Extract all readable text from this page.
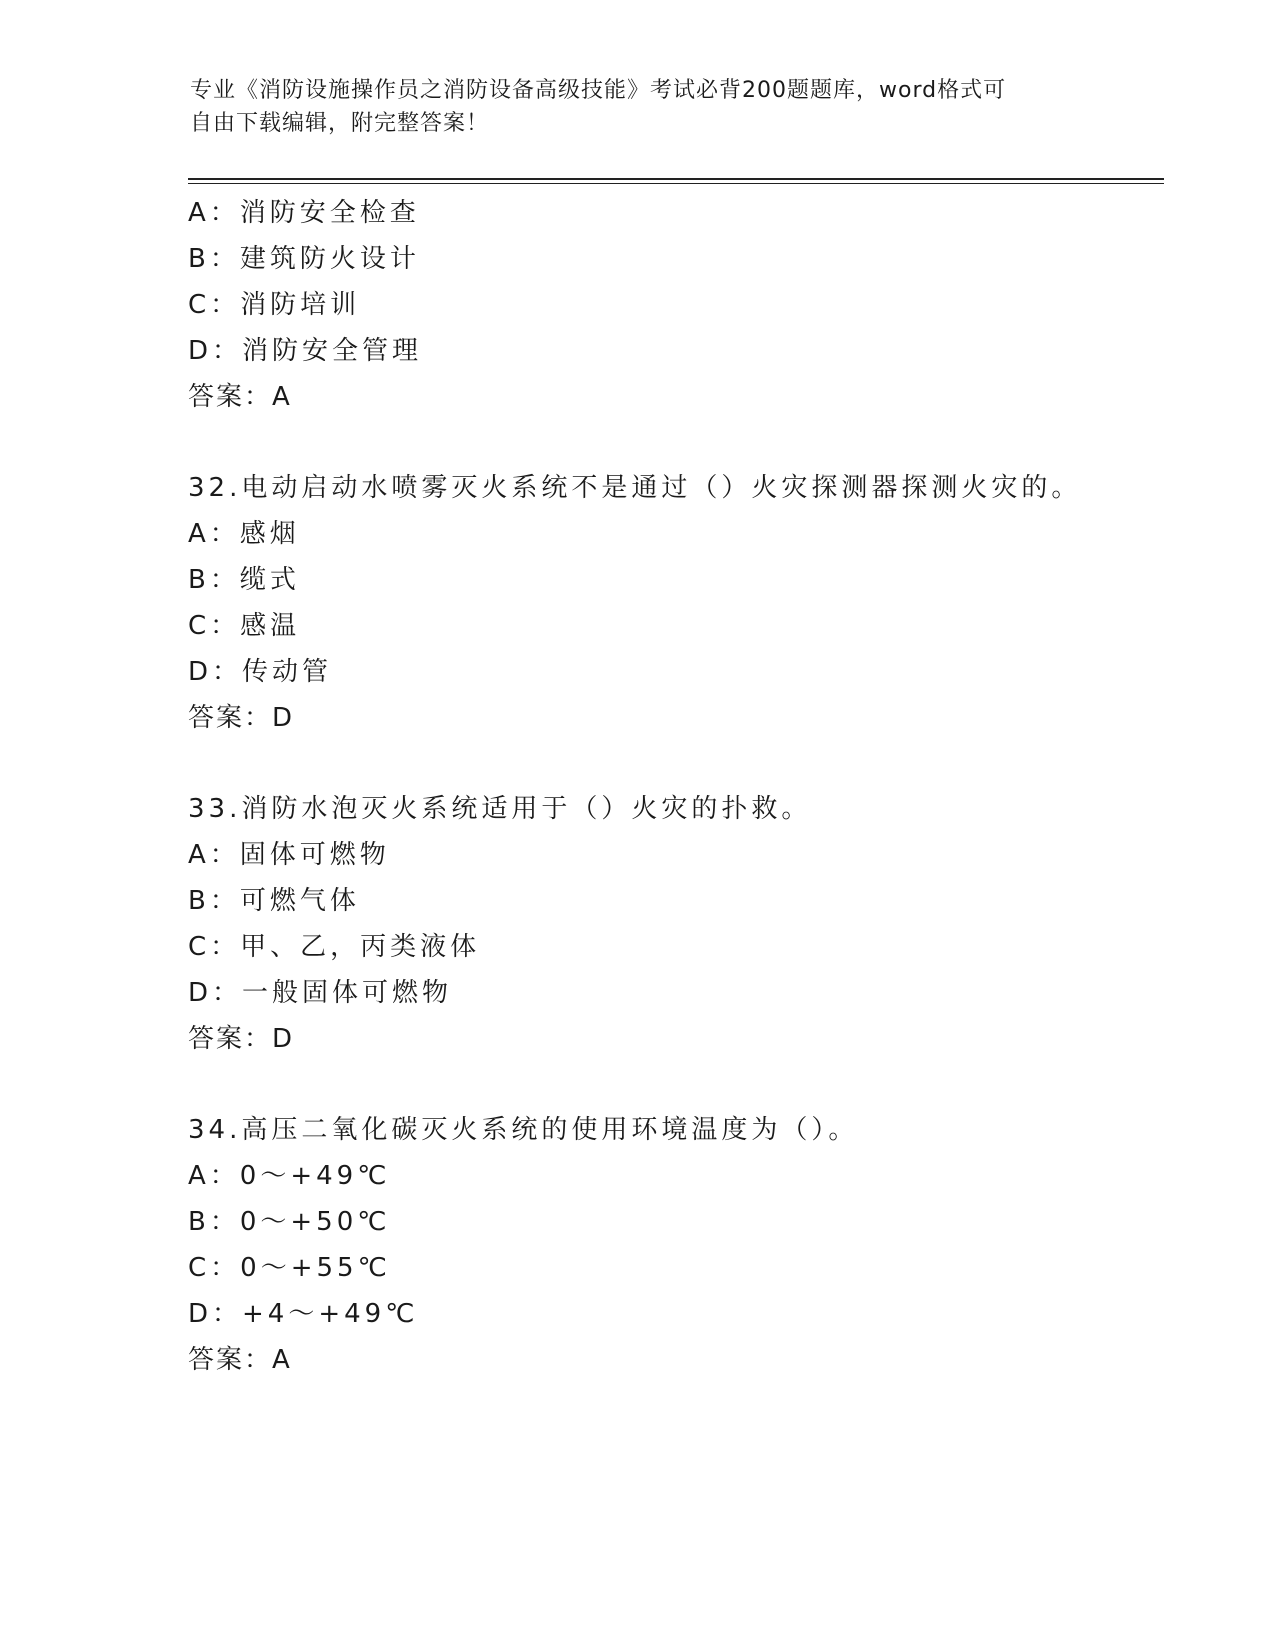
专业《消防设施操作员之消防设备高级技能》考试必背200题题库，word格式可
自由下载编辑，附完整答案！
A：消防安全检查
B：建筑防火设计
C：消防培训
D：消防安全管理
答案：A
32.电动启动水喷雾灭火系统不是通过（）火灾探测器探测火灾的。
A：感烟
B：缆式
C：感温
D：传动管
答案：D
33.消防水泡灭火系统适用于（）火灾的扑救。
A：固体可燃物
B：可燃气体
C：甲、乙，丙类液体
D：一般固体可燃物
答案：D
34.高压二氧化碳灭火系统的使用环境温度为（）。
A：0～+49℃
B：0～+50℃
C：0～+55℃
D：+4～+49℃
答案：A
